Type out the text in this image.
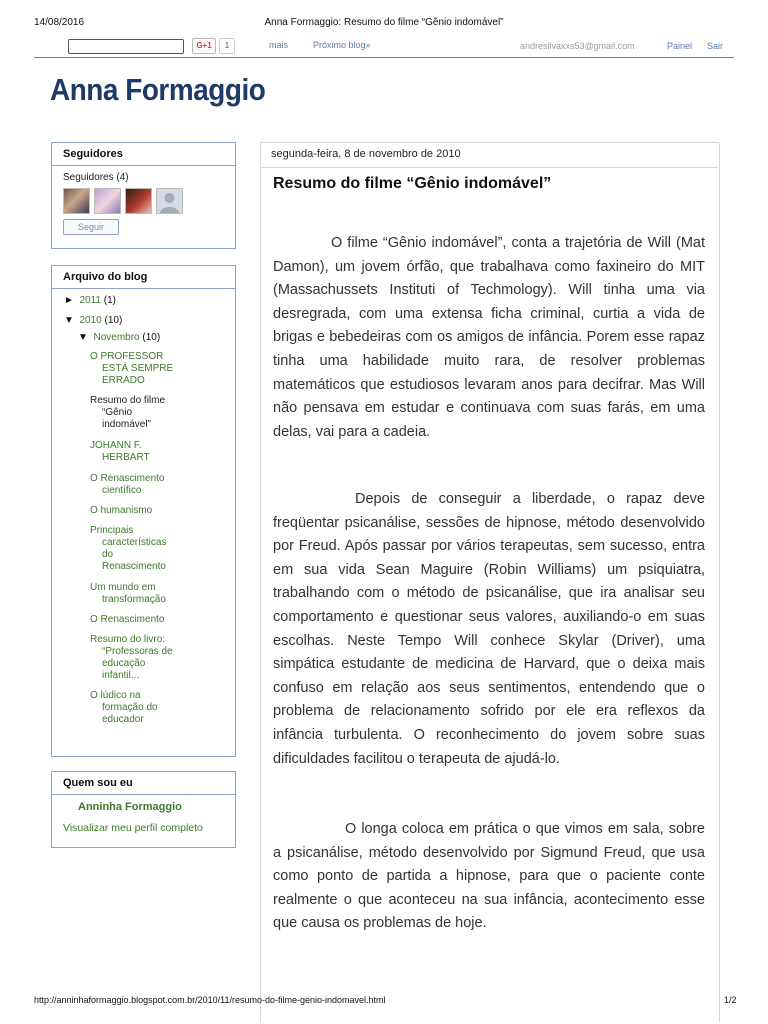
14/08/2016	Anna Formaggio: Resumo do filme “Gênio indomável”
G+1	1	mais	Próximo blog»	andresilvaxxs53@gmail.com	Painel Sair
Anna Formaggio
Seguidores
Seguidores (4)
Seguir
Arquivo do blog
► 2011 (1)
▼ 2010 (10)
▼ Novembro (10)
O PROFESSOR
ESTÁ SEMPRE
ERRADO
Resumo do filme
“Gênio
indomável”
JOHANN F.
HERBART
O Renascimento
científico
O humanismo
Principais
características
do
Renascimento
Um mundo em
transformação
O Renascimento
Resumo do livro:
“Professoras de
educação
infantil...
O lúdico na
formação do
educador
Quem sou eu
Anninha Formaggio
Visualizar meu perfil completo
segunda-feira, 8 de novembro de 2010
Resumo do filme “Gênio indomável”
O filme “Gênio indomável”, conta a trajetória de Will (Mat Damon), um jovem órfão, que trabalhava como faxineiro do MIT (Massachussets Instituti of Techmology). Will tinha uma via desregrada, com uma extensa ficha criminal, curtia a vida de brigas e bebedeiras com os amigos de infância. Porem esse rapaz tinha uma habilidade muito rara, de resolver problemas matemáticos que estudiosos levaram anos para decifrar. Mas Will não pensava em estudar e continuava com suas farás, em uma delas, vai para a cadeia.
Depois de conseguir a liberdade, o rapaz deve freqüentar psicanálise, sessões de hipnose, método desenvolvido por Freud. Após passar por vários terapeutas, sem sucesso, entra em sua vida Sean Maguire (Robin Williams) um psiquiatra, trabalhando com o método de psicanálise, que ira analisar seu comportamento e questionar seus valores, auxiliando-o em suas escolhas. Neste Tempo Will conhece Skylar (Driver), uma simpática estudante de medicina de Harvard, que o deixa mais confuso em relação aos seus sentimentos, entendendo que o problema de relacionamento sofrido por ele era reflexos da infância turbulenta. O reconhecimento do jovem sobre suas dificuldades facilitou o terapeuta de ajudá-lo.
O longa coloca em prática o que vimos em sala, sobre a psicanálise, método desenvolvido por Sigmund Freud, que usa como ponto de partida a hipnose, para que o paciente conte realmente o que aconteceu na sua infância, acontecimento esse que causa os problemas de hoje.
http://anninhaformaggio.blogspot.com.br/2010/11/resumo-do-filme-genio-indomavel.html	1/2
